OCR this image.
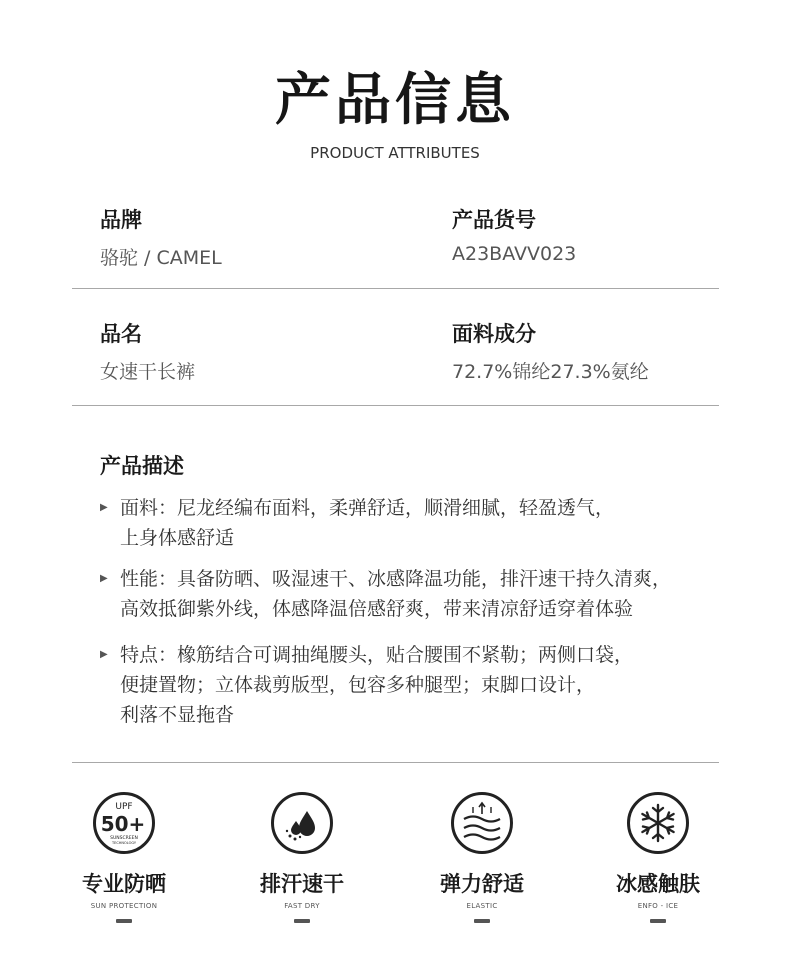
产品信息
PRODUCT ATTRIBUTES
品牌
骆驼 / CAMEL
产品货号
A23BAVV023
品名
女速干长裤
面料成分
72.7%锦纶27.3%氨纶
产品描述
▶ 面料：尼龙经编布面料，柔弹舒适，顺滑细腻，轻盈透气，
上身体感舒适
▶ 性能：具备防晒、吸湿速干、冰感降温功能，排汗速干持久清爽，
高效抵御紫外线，体感降温倍感舒爽，带来清凉舒适穿着体验
▶ 特点：橡筋结合可调抽绳腰头，贴合腰围不紧勒；两侧口袋，
便捷置物；立体裁剪版型，包容多种腿型；束脚口设计，
利落不显拖沓
UPF
50+
SUNSCREEN
TECHNOLOGY
专业防晒
SUN PROTECTION
排汗速干
FAST DRY
弹力舒适
ELASTIC
冰感触肤
ENFO - ICE
